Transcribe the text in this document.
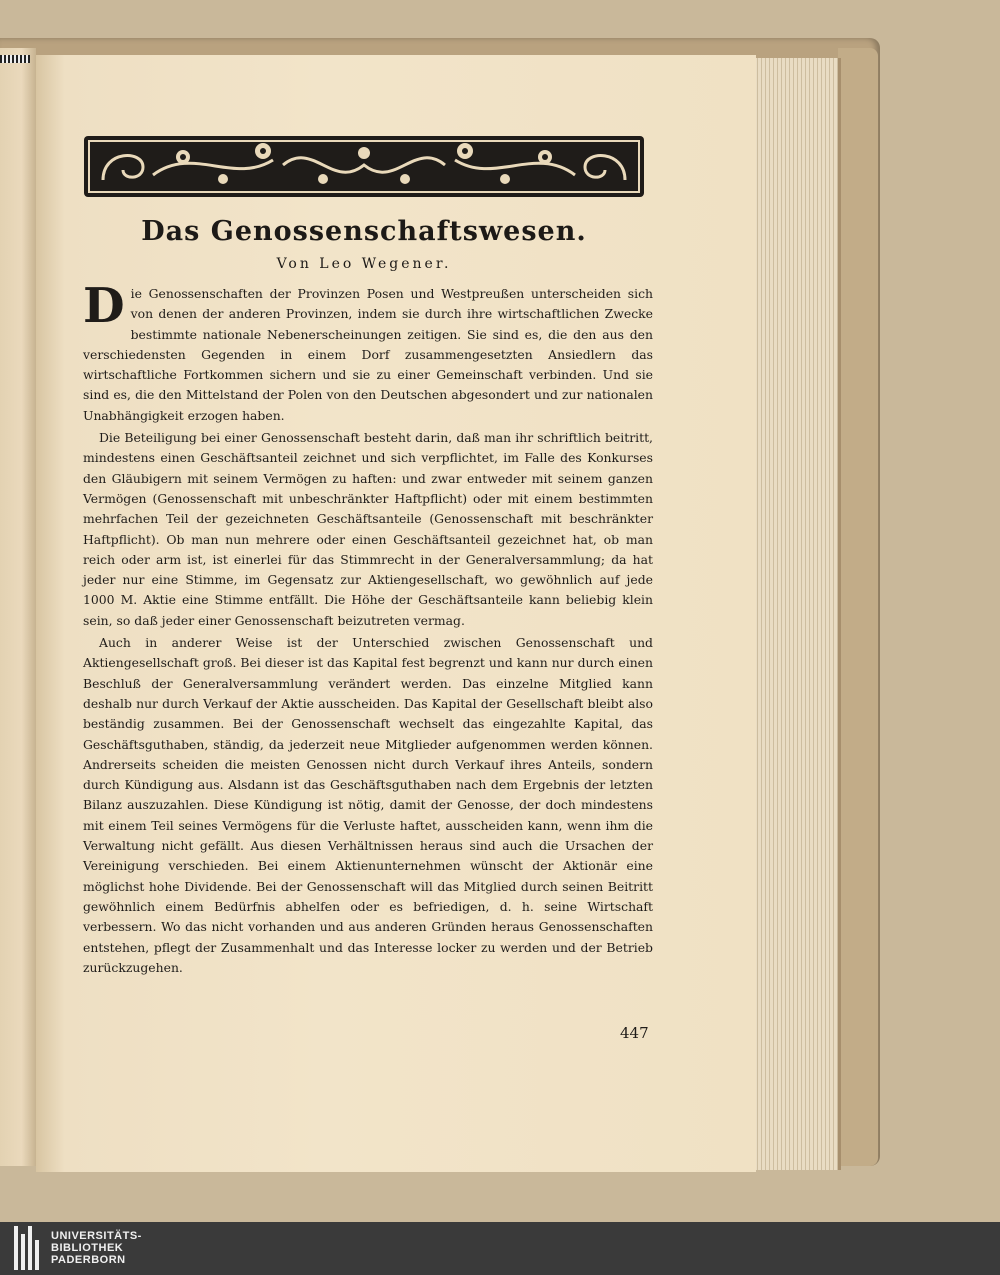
Das Genossenschaftswesen.
Von Leo Wegener.

Die Genossenschaften der Provinzen Posen und Westpreußen unterscheiden sich von denen der anderen Provinzen, indem sie durch ihre wirtschaftlichen Zwecke bestimmte nationale Nebenerscheinungen zeitigen. Sie sind es, die den aus den verschiedensten Gegenden in einem Dorf zusammengesetzten Ansiedlern das wirtschaftliche Fortkommen sichern und sie zu einer Gemeinschaft verbinden. Und sie sind es, die den Mittelstand der Polen von den Deutschen abgesondert und zur nationalen Unabhängigkeit erzogen haben.

Die Beteiligung bei einer Genossenschaft besteht darin, daß man ihr schriftlich beitritt, mindestens einen Geschäftsanteil zeichnet und sich verpflichtet, im Falle des Konkurses den Gläubigern mit seinem Vermögen zu haften: und zwar entweder mit seinem ganzen Vermögen (Genossenschaft mit unbeschränkter Haftpflicht) oder mit einem bestimmten mehrfachen Teil der gezeichneten Geschäftsanteile (Genossenschaft mit beschränkter Haftpflicht). Ob man nun mehrere oder einen Geschäftsanteil gezeichnet hat, ob man reich oder arm ist, ist einerlei für das Stimmrecht in der Generalversammlung; da hat jeder nur eine Stimme, im Gegensatz zur Aktiengesellschaft, wo gewöhnlich auf jede 1000 M. Aktie eine Stimme entfällt. Die Höhe der Geschäftsanteile kann beliebig klein sein, so daß jeder einer Genossenschaft beizutreten vermag.

Auch in anderer Weise ist der Unterschied zwischen Genossenschaft und Aktiengesellschaft groß. Bei dieser ist das Kapital fest begrenzt und kann nur durch einen Beschluß der Generalversammlung verändert werden. Das einzelne Mitglied kann deshalb nur durch Verkauf der Aktie ausscheiden. Das Kapital der Gesellschaft bleibt also beständig zusammen. Bei der Genossenschaft wechselt das eingezahlte Kapital, das Geschäftsguthaben, ständig, da jederzeit neue Mitglieder aufgenommen werden können. Andrerseits scheiden die meisten Genossen nicht durch Verkauf ihres Anteils, sondern durch Kündigung aus. Alsdann ist das Geschäftsguthaben nach dem Ergebnis der letzten Bilanz auszuzahlen. Diese Kündigung ist nötig, damit der Genosse, der doch mindestens mit einem Teil seines Vermögens für die Verluste haftet, ausscheiden kann, wenn ihm die Verwaltung nicht gefällt. Aus diesen Verhältnissen heraus sind auch die Ursachen der Vereinigung verschieden. Bei einem Aktienunternehmen wünscht der Aktionär eine möglichst hohe Dividende. Bei der Genossenschaft will das Mitglied durch seinen Beitritt gewöhnlich einem Bedürfnis abhelfen oder es befriedigen, d. h. seine Wirtschaft verbessern. Wo das nicht vorhanden und aus anderen Gründen heraus Genossenschaften entstehen, pflegt der Zusammenhalt und das Interesse locker zu werden und der Betrieb zurückzugehen.

447
UNIVERSITÄTS-
BIBLIOTHEK
PADERBORN
